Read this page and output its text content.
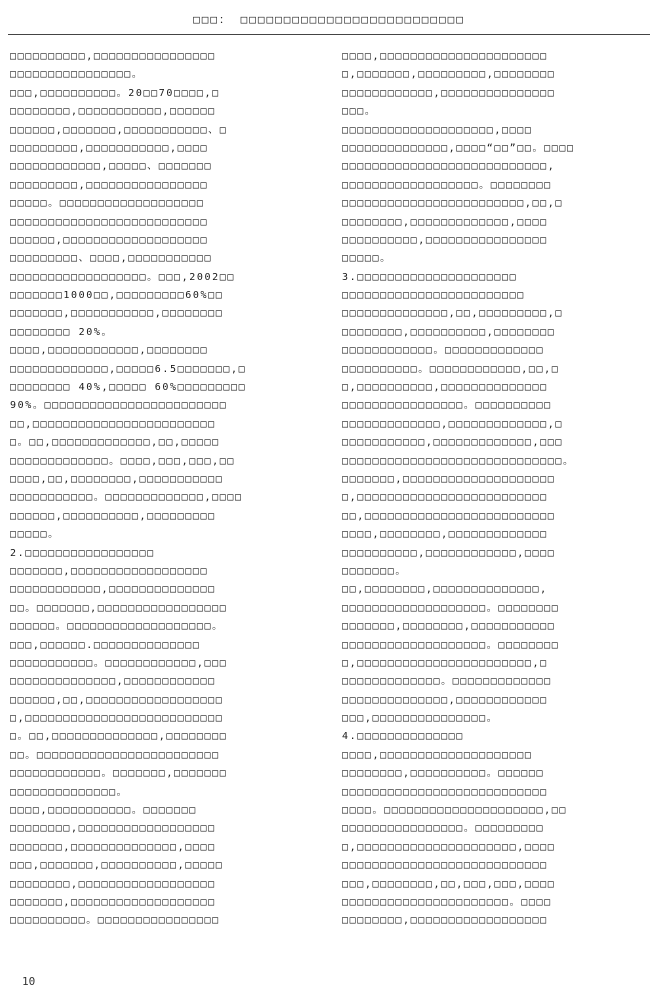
□□□： □□□□□□□□□□□□□□□□□□□□□□□□□□
□□□□□□□□□□,□□□□□□□□□□□□□□□□
□□□□□□□□□□□□□□□□。
□□□,□□□□□□□□□□。20□□70□□□□,□
□□□□□□□□,□□□□□□□□□□□,□□□□□□
□□□□□□,□□□□□□□,□□□□□□□□□□□、□
□□□□□□□□□,□□□□□□□□□□□,□□□□
□□□□□□□□□□□□,□□□□□、□□□□□□□
□□□□□□□□□,□□□□□□□□□□□□□□□□
□□□□□。□□□□□□□□□□□□□□□□□□□
□□□□□□□□□□□□□□□□□□□□□□□□□□
□□□□□□,□□□□□□□□□□□□□□□□□□□
□□□□□□□□□、□□□□,□□□□□□□□□□□
□□□□□□□□□□□□□□□□□□。□□□,2002□□
□□□□□□□1000□□,□□□□□□□□□60%□□
□□□□□□□,□□□□□□□□□□□,□□□□□□□□
□□□□□□□□ 20%。
□□□□,□□□□□□□□□□□□,□□□□□□□□
□□□□□□□□□□□□□,□□□□□6.5□□□□□□□,□
□□□□□□□□ 40%,□□□□□ 60%□□□□□□□□□
90%。□□□□□□□□□□□□□□□□□□□□□□□□
□□,□□□□□□□□□□□□□□□□□□□□□□□□
□。□□,□□□□□□□□□□□□□,□□,□□□□□
□□□□□□□□□□□□□。□□□□,□□□,□□□,□□
□□□□,□□,□□□□□□□□,□□□□□□□□□□□
□□□□□□□□□□□。□□□□□□□□□□□□□,□□□□
□□□□□□,□□□□□□□□□□,□□□□□□□□□
□□□□□。
2.□□□□□□□□□□□□□□□□□
□□□□□□□,□□□□□□□□□□□□□□□□□□
□□□□□□□□□□□□,□□□□□□□□□□□□□□
□□。□□□□□□□,□□□□□□□□□□□□□□□□□
□□□□□□。□□□□□□□□□□□□□□□□□□□。
□□□,□□□□□□.□□□□□□□□□□□□□□
□□□□□□□□□□□。□□□□□□□□□□□□,□□□
□□□□□□□□□□□□□□,□□□□□□□□□□□□
□□□□□□,□□,□□□□□□□□□□□□□□□□□□
□,□□□□□□□□□□□□□□□□□□□□□□□□□□
□。□□,□□□□□□□□□□□□□□,□□□□□□□□
□□。□□□□□□□□□□□□□□□□□□□□□□□□
□□□□□□□□□□□□。□□□□□□□,□□□□□□□
□□□□□□□□□□□□□□。
□□□□,□□□□□□□□□□□。□□□□□□□
□□□□□□□□,□□□□□□□□□□□□□□□□□□
□□□□□□□,□□□□□□□□□□□□□□,□□□□
□□□,□□□□□□□,□□□□□□□□□□,□□□□□
□□□□□□□□,□□□□□□□□□□□□□□□□□□
□□□□□□□,□□□□□□□□□□□□□□□□□□□
□□□□□□□□□□。□□□□□□□□□□□□□□□□
□□□□,□□□□□□□□□□□□□□□□□□□□□□
□,□□□□□□□,□□□□□□□□□,□□□□□□□□
□□□□□□□□□□□□,□□□□□□□□□□□□□□□
□□□。
□□□□□□□□□□□□□□□□□□□□,□□□□
□□□□□□□□□□□□□□,□□□□“□□”□□。□□□□
□□□□□□□□□□□□□□□□□□□□□□□□□□□,
□□□□□□□□□□□□□□□□□□。□□□□□□□□
□□□□□□□□□□□□□□□□□□□□□□□□,□□,□
□□□□□□□□,□□□□□□□□□□□□□,□□□□
□□□□□□□□□□,□□□□□□□□□□□□□□□□
□□□□□。
3.□□□□□□□□□□□□□□□□□□□□□
□□□□□□□□□□□□□□□□□□□□□□□□
□□□□□□□□□□□□□□,□□,□□□□□□□□□,□
□□□□□□□□,□□□□□□□□□□,□□□□□□□□
□□□□□□□□□□□□。□□□□□□□□□□□□□
□□□□□□□□□□。□□□□□□□□□□□□,□□,□
□,□□□□□□□□□□,□□□□□□□□□□□□□□
□□□□□□□□□□□□□□□□。□□□□□□□□□□
□□□□□□□□□□□□□,□□□□□□□□□□□□□,□
□□□□□□□□□□□,□□□□□□□□□□□□□,□□□
□□□□□□□□□□□□□□□□□□□□□□□□□□□□□。
□□□□□□□,□□□□□□□□□□□□□□□□□□□□
□,□□□□□□□□□□□□□□□□□□□□□□□□□
□□,□□□□□□□□□□□□□□□□□□□□□□□□□
□□□□,□□□□□□□□,□□□□□□□□□□□□□
□□□□□□□□□□,□□□□□□□□□□□□,□□□□
□□□□□□□。
□□,□□□□□□□□,□□□□□□□□□□□□□□,
□□□□□□□□□□□□□□□□□□□。□□□□□□□□
□□□□□□□,□□□□□□□□,□□□□□□□□□□□
□□□□□□□□□□□□□□□□□□□。□□□□□□□□
□,□□□□□□□□□□□□□□□□□□□□□□□,□
□□□□□□□□□□□□□。□□□□□□□□□□□□□
□□□□□□□□□□□□□□,□□□□□□□□□□□□
□□□,□□□□□□□□□□□□□□□。
4.□□□□□□□□□□□□□□
□□□□,□□□□□□□□□□□□□□□□□□□□
□□□□□□□□,□□□□□□□□□□。□□□□□□
□□□□□□□□□□□□□□□□□□□□□□□□□□□
□□□□。□□□□□□□□□□□□□□□□□□□□□,□□
□□□□□□□□□□□□□□□□。□□□□□□□□□
□,□□□□□□□□□□□□□□□□□□□□□,□□□□
□□□□□□□□□□□□□□□□□□□□□□□□□□□
□□□,□□□□□□□□,□□,□□□,□□□,□□□□
□□□□□□□□□□□□□□□□□□□□□□。□□□□
□□□□□□□□,□□□□□□□□□□□□□□□□□□
10
